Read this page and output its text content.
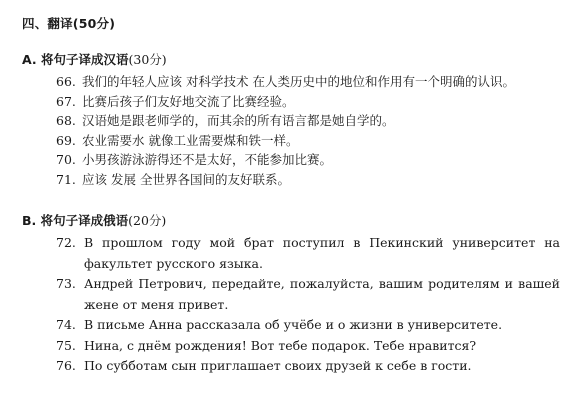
四、翻译(50分)
A. 将句子译成汉语(30分)
66. 我们的年轻人应该 对科学技术 在人类历史中的地位和作用有一个明确的认识。
67. 比赛后孩子们友好地交流了比赛经验。
68. 汉语她是跟老师学的，而其余的所有语言都是她自学的。
69. 农业需要水 就像工业需要煤和铁一样。
70. 小男孩游泳游得还不是太好，不能参加比赛。
71. 应该 发展 全世界各国间的友好联系。
B. 将句子译成俄语(20分)
72. В прошлом году мой брат поступил в Пекинский университет на факультет русского языка.
73. Андрей Петрович, передайте, пожалуйста, вашим родителям и вашей жене от меня привет.
74. В письме Анна рассказала об учёбе и о жизни в университете.
75. Нина, с днём рождения! Вот тебе подарок. Тебе нравится?
76. По субботам сын приглашает своих друзей к себе в гости.
